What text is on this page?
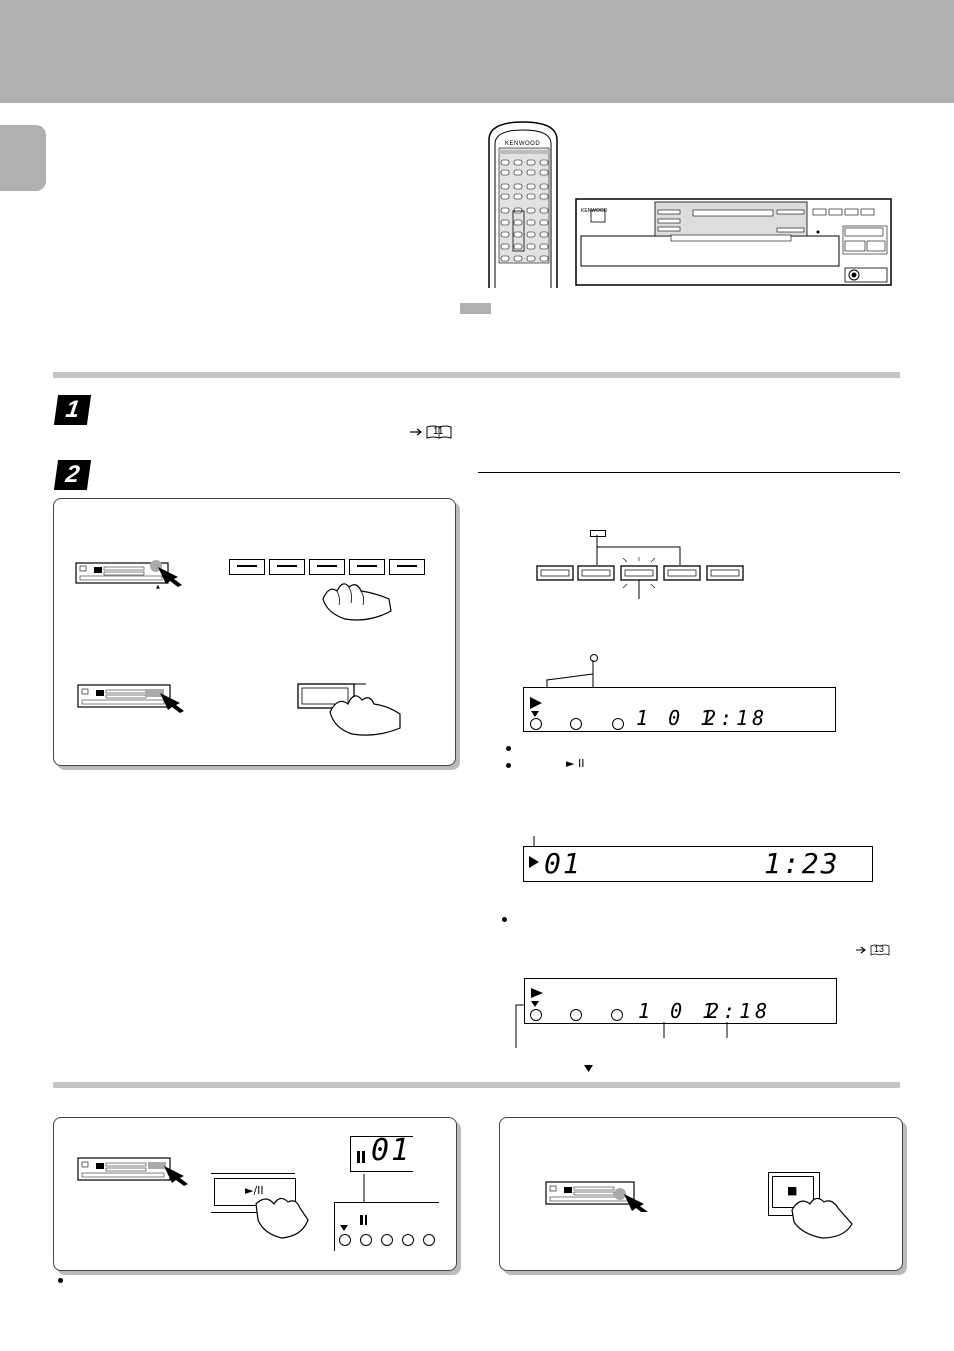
KENWOOD
KENWOOD
1
11
2
▲
1 0 1
2:18
► II
01	1:23
13
1 0 1
2:18
►/II
01
■
